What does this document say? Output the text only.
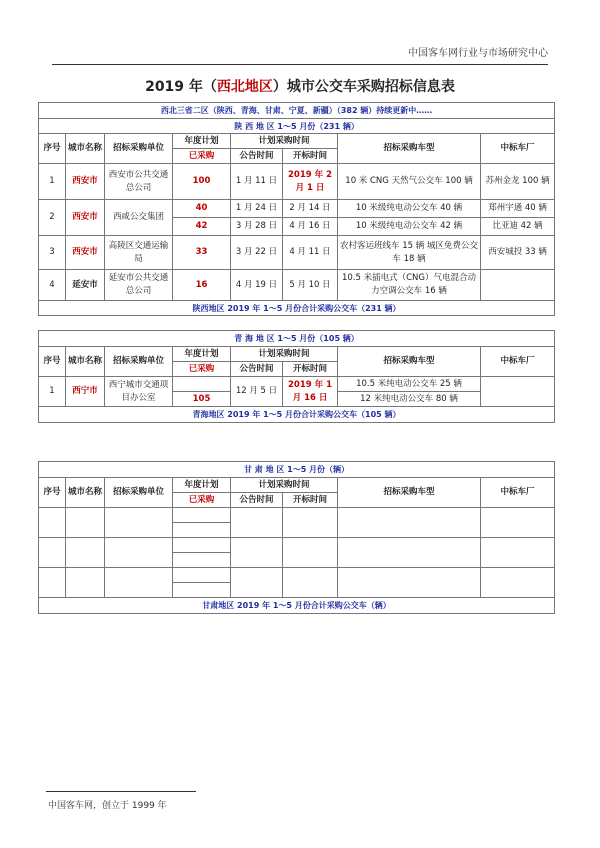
中国客车网行业与市场研究中心
2019 年（西北地区）城市公交车采购招标信息表
西北三省二区（陕西、青海、甘肃、宁夏、新疆）（382 辆）持续更新中……							
陕 西 地 区 1～5 月份（231 辆）							
序号	城市名称	招标采购单位	年度计划	计划采购时间		招标采购车型	中标车厂
			已采购	公告时间	开标时间		
1	西安市	西安市公共交通总公司	100	1 月 11 日	2019 年 2 月 1 日	10 米 CNG 天然气公交车 100 辆	苏州金龙 100 辆
2	西安市	西咸公交集团	40	1 月 24 日	2 月 14 日	10 米级纯电动公交车 40 辆	郑州宇通 40 辆
			42	3 月 28 日	4 月 16 日	10 米级纯电动公交车 42 辆	比亚迪 42 辆
3	西安市	高陵区交通运输局	33	3 月 22 日	4 月 11 日	农村客运班线车 15 辆 城区免费公交车 18 辆	西安城投 33 辆
4	延安市	延安市公共交通总公司	16	4 月 19 日	5 月 10 日	10.5 米插电式（CNG）气电混合动力空调公交车 16 辆	
陕西地区 2019 年 1～5 月份合计采购公交车（231 辆）							
青 海 地 区 1～5 月份（105 辆）							
序号	城市名称	招标采购单位	年度计划	计划采购时间		招标采购车型	中标车厂
			已采购	公告时间	开标时间		
1	西宁市	西宁城市交通项目办公室		12 月 5 日	2019 年 1 月 16 日	10.5 米纯电动公交车 25 辆	
			105			12 米纯电动公交车 80 辆	
青海地区 2019 年 1～5 月份合计采购公交车（105 辆）							
甘 肃 地 区 1～5 月份（辆）							
序号	城市名称	招标采购单位	年度计划	计划采购时间		招标采购车型	中标车厂
			已采购	公告时间	开标时间		

甘肃地区 2019 年 1～5 月份合计采购公交车（辆）							
中国客车网，创立于 1999 年
